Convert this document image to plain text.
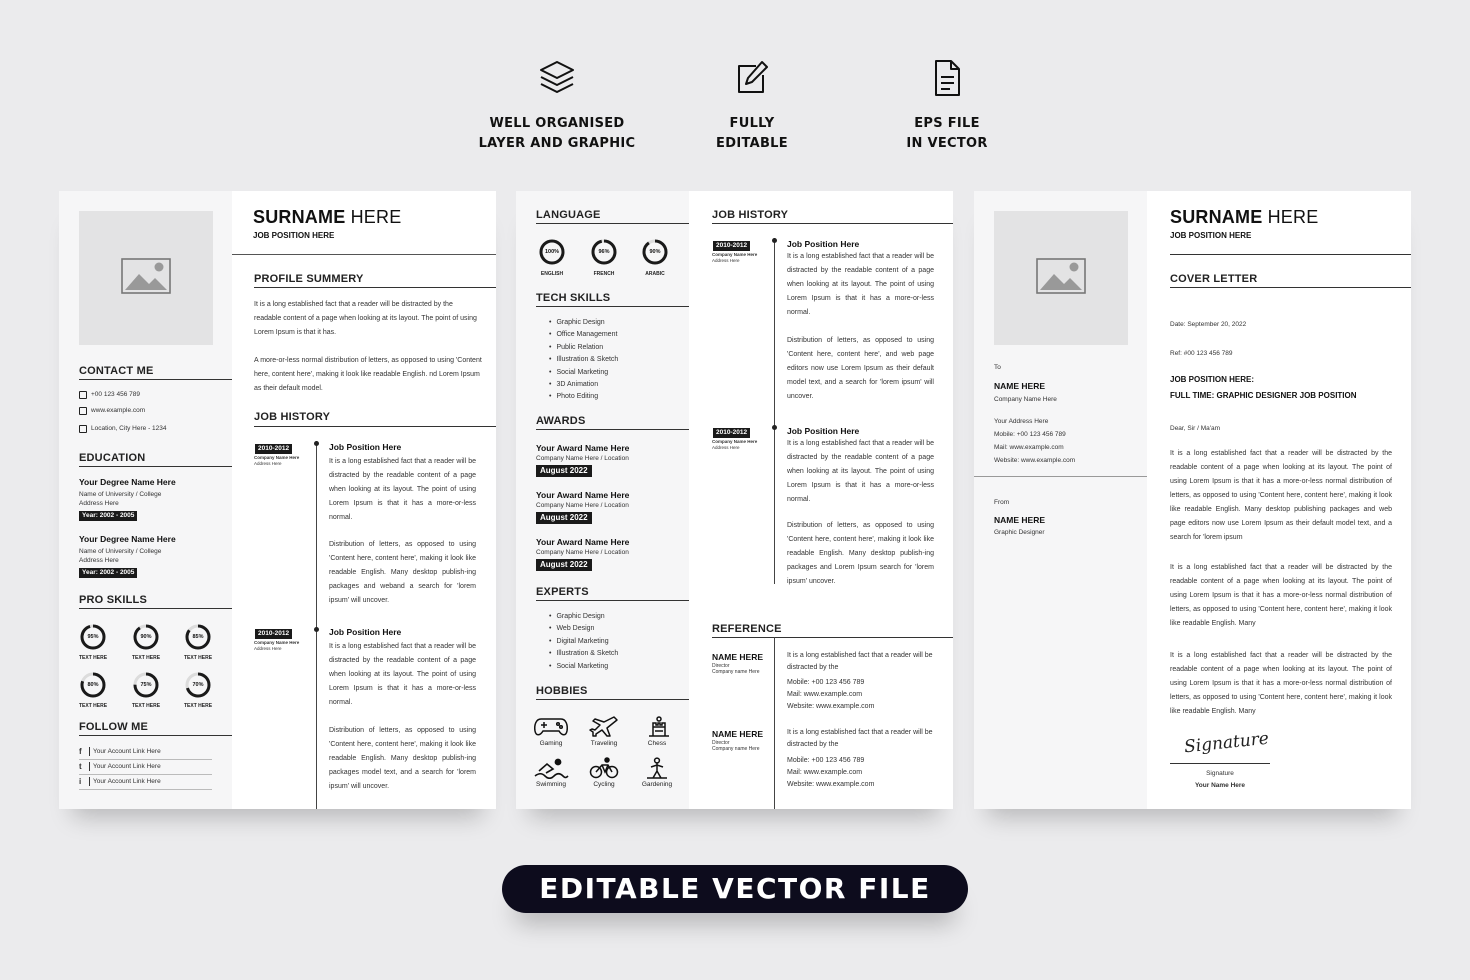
WELL ORGANISED
LAYER AND GRAPHIC
FULLY
EDITABLE
EPS FILE
IN VECTOR
CONTACT ME
+00 123 456 789
www.example.com
Location, City Here - 1234
EDUCATION
Your Degree Name Here
Name of University / College
Address Here
Year: 2002 - 2005
Your Degree Name Here
Name of University / College
Address Here
Year: 2002 - 2005
PRO SKILLS
95%	90%	85%
TEXT HERE	TEXT HERE	TEXT HERE
80%	75%	70%
TEXT HERE	TEXT HERE	TEXT HERE
FOLLOW ME
f	Your Account Link Here
t	Your Account Link Here
i	Your Account Link Here
SURNAME HERE
JOB POSITION HERE
PROFILE SUMMERY
It is a long established fact that a reader will be distracted by the readable content of a page when looking at its layout. The point of using Lorem Ipsum is that it has.
A more-or-less normal distribution of letters, as opposed to using 'Content here, content here', making it look like readable English. nd Lorem Ipsum as their default model.
JOB HISTORY
2010-2012
Company Name Here
Address Here
Job Position Here
It is a long established fact that a reader will be distracted by the readable content of a page when looking at its layout. The point of using Lorem Ipsum is that it has a more-or-less normal.
Distribution of letters, as opposed to using 'Content here, content here', making it look like readable English. Many desktop publish-ing packages and weband a search for 'lorem ipsum' will uncover.
2010-2012
Company Name Here
Address Here
Job Position Here
It is a long established fact that a reader will be distracted by the readable content of a page when looking at its layout. The point of using Lorem Ipsum is that it has a more-or-less normal.
Distribution of letters, as opposed to using 'Content here, content here', making it look like readable English. Many desktop publish-ing packages model text, and a search for 'lorem ipsum' will uncover.
LANGUAGE
100%	96%	90%
ENGLISH	FRENCH	ARABIC
TECH SKILLS
• Graphic Design
• Office Management
• Public Relation
• Illustration & Sketch
• Social Marketing
• 3D Animation
• Photo Editing
AWARDS
Your Award Name Here
Company Name Here / Location
August 2022
Your Award Name Here
Company Name Here / Location
August 2022
Your Award Name Here
Company Name Here / Location
August 2022
EXPERTS
• Graphic Design
• Web Design
• Digital Marketing
• Illustration & Sketch
• Social Marketing
HOBBIES
Gaming	Traveling	Chess
Swimming	Cycling	Gardening
JOB HISTORY
2010-2012
Company Name Here
Address Here
Job Position Here
It is a long established fact that a reader will be distracted by the readable content of a page when looking at its layout. The point of using Lorem Ipsum is that it has a more-or-less normal.
Distribution of letters, as opposed to using 'Content here, content here', and web page editors now use Lorem Ipsum as their default model text, and a search for 'lorem ipsum' will uncover.
2010-2012
Company Name Here
Address Here
Job Position Here
It is a long established fact that a reader will be distracted by the readable content of a page when looking at its layout. The point of using Lorem Ipsum is that it has a more-or-less normal.
Distribution of letters, as opposed to using 'Content here, content here', making it look like readable English. Many desktop publish-ing packages and Lorem Ipsum search for 'lorem ipsum' uncover.
REFERENCE
NAME HERE
Director
Company name Here
It is a long established fact that a reader will be distracted by the
Mobile: +00 123 456 789
Mail: www.example.com
Website: www.example.com
NAME HERE
Director
Company name Here
It is a long established fact that a reader will be distracted by the
Mobile: +00 123 456 789
Mail: www.example.com
Website: www.example.com
To
NAME HERE
Company Name Here
Your Address Here
Mobile: +00 123 456 789
Mail: www.example.com
Website: www.example.com
From
NAME HERE
Graphic Designer
SURNAME HERE
JOB POSITION HERE
COVER LETTER
Date: September 20, 2022
Ref: #00 123 456 789
JOB POSITION HERE:
FULL TIME: GRAPHIC DESIGNER JOB POSITION
Dear, Sir / Ma'am
It is a long established fact that a reader will be distracted by the readable content of a page when looking at its layout. The point of using Lorem Ipsum is that it has a more-or-less normal distribution of letters, as opposed to using 'Content here, content here', making it look like readable English. Many desktop publishing packages and web page editors now use Lorem Ipsum as their default model text, and a search for 'lorem ipsum
It is a long established fact that a reader will be distracted by the readable content of a page when looking at its layout. The point of using Lorem Ipsum is that it has a more-or-less normal distribution of letters, as opposed to using 'Content here, content here', making it look like readable English. Many
It is a long established fact that a reader will be distracted by the readable content of a page when looking at its layout. The point of using Lorem Ipsum is that it has a more-or-less normal distribution of letters, as opposed to using 'Content here, content here', making it look like readable English. Many
Signature
Signature
Your Name Here
EDITABLE VECTOR FILE
